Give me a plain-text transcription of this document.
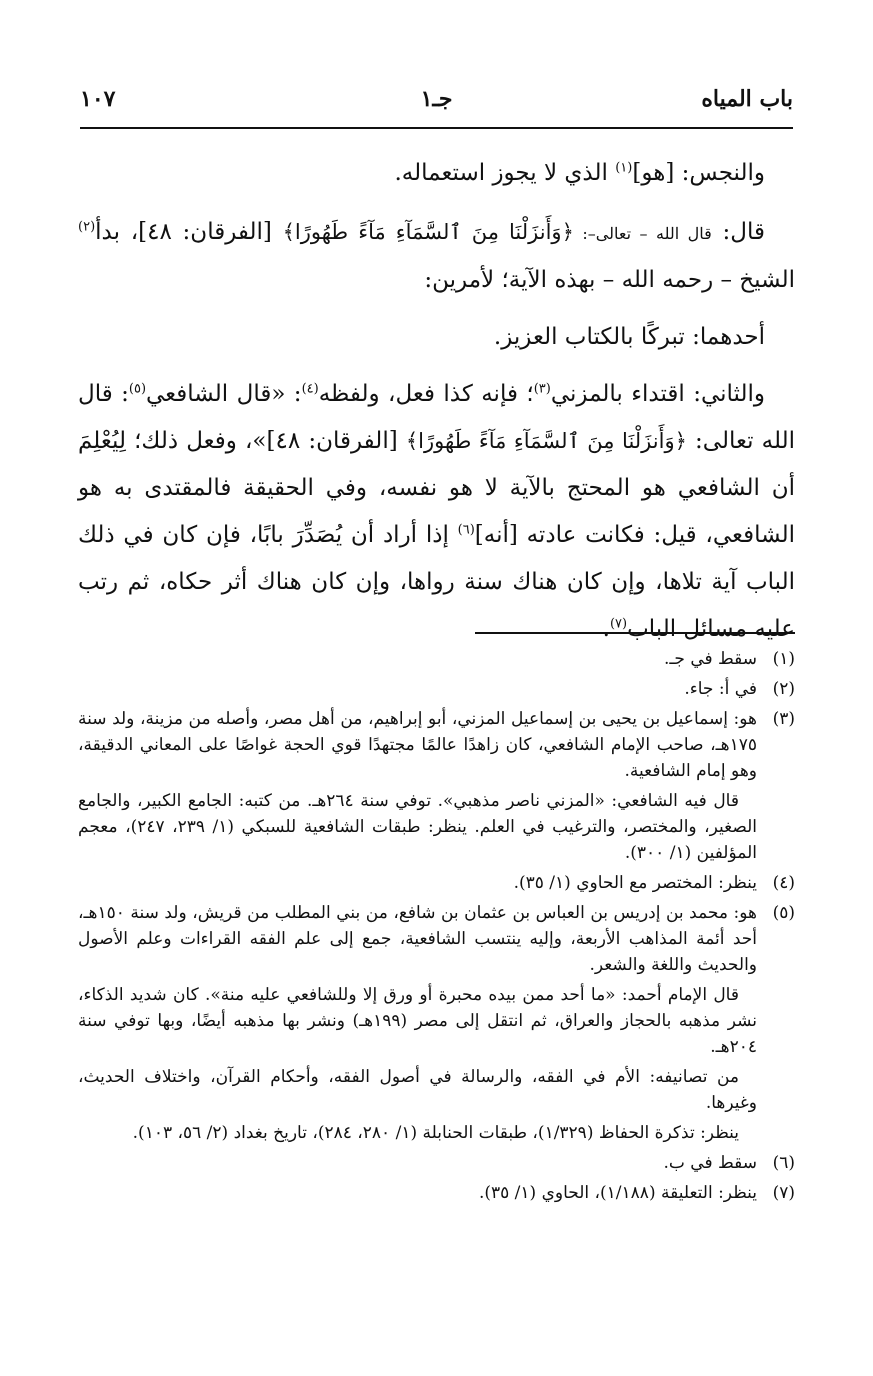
باب المياه
جـ١
١٠٧

والنجس: [هو]$^{(١)}$ الذي لا يجوز استعماله.

قال: قال الله – تعالى–: ﴿وَأَنزَلْنَا مِنَ ٱلسَّمَآءِ مَآءً طَهُورًا﴾ [الفرقان: ٤٨]، بدأ$^{(٢)}$ الشيخ – رحمه الله – بهذه الآية؛ لأمرين:

أحدهما: تبركًا بالكتاب العزيز.

والثاني: اقتداء بالمزني$^{(٣)}$؛ فإنه كذا فعل، ولفظه$^{(٤)}$: «قال الشافعي$^{(٥)}$: قال الله تعالى: ﴿وَأَنزَلْنَا مِنَ ٱلسَّمَآءِ مَآءً طَهُورًا﴾ [الفرقان: ٤٨]»، وفعل ذلك؛ لِيُعْلِمَ أن الشافعي هو المحتج بالآية لا هو نفسه، وفي الحقيقة فالمقتدى به هو الشافعي، قيل: فكانت عادته [أنه]$^{(٦)}$ إذا أراد أن يُصَدِّرَ بابًا، فإن كان في ذلك الباب آية تلاها، وإن كان هناك سنة رواها، وإن كان هناك أثر حكاه، ثم رتب عليه مسائل الباب$^{(٧)}$.

(١)
سقط في جـ.
(٢)
في أ: جاء.
(٣)
هو: إسماعيل بن يحيى بن إسماعيل المزني، أبو إبراهيم، من أهل مصر، وأصله من مزينة، ولد سنة ١٧٥هـ، صاحب الإمام الشافعي، كان زاهدًا عالمًا مجتهدًا قوي الحجة غواصًا على المعاني الدقيقة، وهو إمام الشافعية.
قال فيه الشافعي: «المزني ناصر مذهبي». توفي سنة ٢٦٤هـ. من كتبه: الجامع الكبير، والجامع الصغير، والمختصر، والترغيب في العلم. ينظر: طبقات الشافعية للسبكي (١/ ٢٣٩، ٢٤٧)، معجم المؤلفين (١/ ٣٠٠).
(٤)
ينظر: المختصر مع الحاوي (١/ ٣٥).
(٥)
هو: محمد بن إدريس بن العباس بن عثمان بن شافع، من بني المطلب من قريش، ولد سنة ١٥٠هـ، أحد أئمة المذاهب الأربعة، وإليه ينتسب الشافعية، جمع إلى علم الفقه القراءات وعلم الأصول والحديث واللغة والشعر.
قال الإمام أحمد: «ما أحد ممن بيده محبرة أو ورق إلا وللشافعي عليه منة». كان شديد الذكاء، نشر مذهبه بالحجاز والعراق، ثم انتقل إلى مصر (١٩٩هـ) ونشر بها مذهبه أيضًا، وبها توفي سنة ٢٠٤هـ.
من تصانيفه: الأم في الفقه، والرسالة في أصول الفقه، وأحكام القرآن، واختلاف الحديث، وغيرها.
ينظر: تذكرة الحفاظ (١/٣٢٩)، طبقات الحنابلة (١/ ٢٨٠، ٢٨٤)، تاريخ بغداد (٢/ ٥٦، ١٠٣).
(٦)
سقط في ب.
(٧)
ينظر: التعليقة (١/١٨٨)، الحاوي (١/ ٣٥).
